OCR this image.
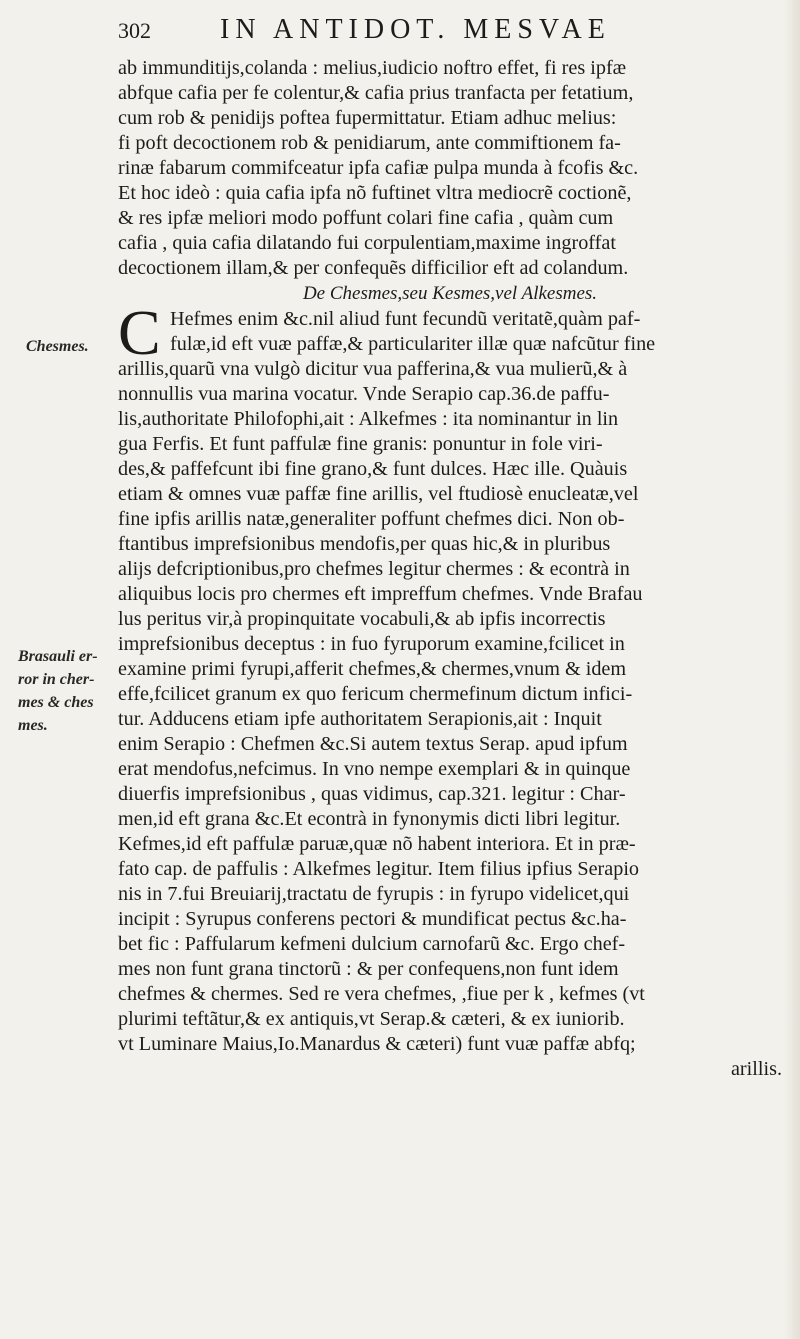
302 IN ANTIDOT. MESVAE
Chesmes.
Brasauli er-
ror in cher-
mes & ches
mes.
ab immunditijs,colanda : melius,iudicio noftro effet, fi res ipfæ
abfque cafia per fe colentur,& cafia prius tranfacta per fetatium,
cum rob & penidijs poftea fupermittatur. Etiam adhuc melius:
fi poft decoctionem rob & penidiarum, ante commiftionem fa-
rinæ fabarum commifceatur ipfa cafiæ pulpa munda à fcofis &c.
Et hoc ideò : quia cafia ipfa nõ fuftinet vltra mediocrẽ coctionẽ,
& res ipfæ meliori modo poffunt colari fine cafia , quàm cum
cafia , quia cafia dilatando fui corpulentiam,maxime ingroffat
decoctionem illam,& per confequẽs difficilior eft ad colandum.
De Chesmes,seu Kesmes,vel Alkesmes.
C Hefmes enim &c.nil aliud funt fecundũ veritatẽ,quàm paf-
fulæ,id eft vuæ paffæ,& particulariter illæ quæ nafcũtur fine
arillis,quarũ vna vulgò dicitur vua pafferina,& vua mulierũ,& à
nonnullis vua marina vocatur. Vnde Serapio cap.36.de paffu-
lis,authoritate Philofophi,ait : Alkefmes : ita nominantur in lin
gua Ferfis. Et funt paffulæ fine granis: ponuntur in fole viri-
des,& paffefcunt ibi fine grano,& funt dulces. Hæc ille. Quàuis
etiam & omnes vuæ paffæ fine arillis, vel ftudiosè enucleatæ,vel
fine ipfis arillis natæ,generaliter poffunt chefmes dici. Non ob-
ftantibus imprefsionibus mendofis,per quas hic,& in pluribus
alijs defcriptionibus,pro chefmes legitur chermes : & econtrà in
aliquibus locis pro chermes eft impreffum chefmes. Vnde Brafau
lus peritus vir,à propinquitate vocabuli,& ab ipfis incorrectis
imprefsionibus deceptus : in fuo fyruporum examine,fcilicet in
examine primi fyrupi,afferit chefmes,& chermes,vnum & idem
effe,fcilicet granum ex quo fericum chermefinum dictum infici-
tur. Adducens etiam ipfe authoritatem Serapionis,ait : Inquit
enim Serapio : Chefmen &c.Si autem textus Serap. apud ipfum
erat mendofus,nefcimus. In vno nempe exemplari & in quinque
diuerfis imprefsionibus , quas vidimus, cap.321. legitur : Char-
men,id eft grana &c.Et econtrà in fynonymis dicti libri legitur.
Kefmes,id eft paffulæ paruæ,quæ nõ habent interiora. Et in præ-
fato cap. de paffulis : Alkefmes legitur. Item filius ipfius Serapio
nis in 7.fui Breuiarij,tractatu de fyrupis : in fyrupo videlicet,qui
incipit : Syrupus conferens pectori & mundificat pectus &c.ha-
bet fic : Paffularum kefmeni dulcium carnofarũ &c. Ergo chef-
mes non funt grana tinctorũ : & per confequens,non funt idem
chefmes & chermes. Sed re vera chefmes, ,fiue per k , kefmes (vt
plurimi teftãtur,& ex antiquis,vt Serap.& cæteri, & ex iuniorib.
vt Luminare Maius,Io.Manardus & cæteri) funt vuæ paffæ abfq;
arillis.
